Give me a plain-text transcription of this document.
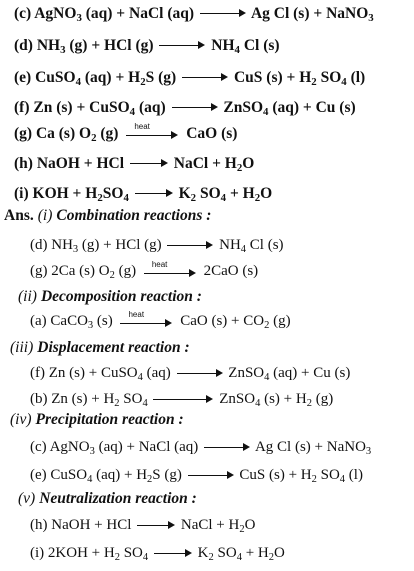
(c) AgNO$_3$ (aq) + NaCl (aq)	Ag Cl (s) + NaNO$_3$
(d) $NH_3$ (g) + HCl (g)	$NH_4$ Cl (s)
(e) CuSO$_4$ $(aq) + H_2S$ (g)	CuS $(s) + H_2$ $SO_4$ (l)
(f) Zn (s) + CuSO$_4$ (aq)	ZnSO$_4$ (aq) + Cu (s)
(g) Ca (s) $O_2$ (g) heat CaO (s)
(h) NaOH + HCl	NaCl + $H_2O$
(i) KOH + $H_2SO_4$	$K_2$ $SO_4 + H_2O$
Ans. (i) Combination reactions :
(d) $NH_3$ (g) + HCl (g)	$NH_4$ Cl (s)
(g) 2Ca (s) $O_2$ (g) heat 2CaO (s)
(ii) Decomposition reaction :
(a) CaCO$_3$ (s) heat CaO $(s) + CO_2$ (g)
(iii) Displacement reaction :
(f) Zn (s) + CuSO$_4$ (aq)	ZnSO$_4$ (aq) + Cu (s)
(b) Zn $(s) + H_2$ $SO_4$	ZnSO$_4$ $(s) + H_2$ (g)
(iv) Precipitation reaction :
(c) AgNO$_3$ (aq) + NaCl (aq)	Ag Cl (s) + NaNO$_3$
(e) CuSO$_4$ $(aq) + H_2S$ (g)	CuS $(s) + H_2$ $SO_4$ (l)
(v) Neutralization reaction :
(h) NaOH + HCl	NaCl + $H_2O$
(i) $2KOH + H_2$ $SO_4$	$K_2$ $SO_4 + H_2O$
